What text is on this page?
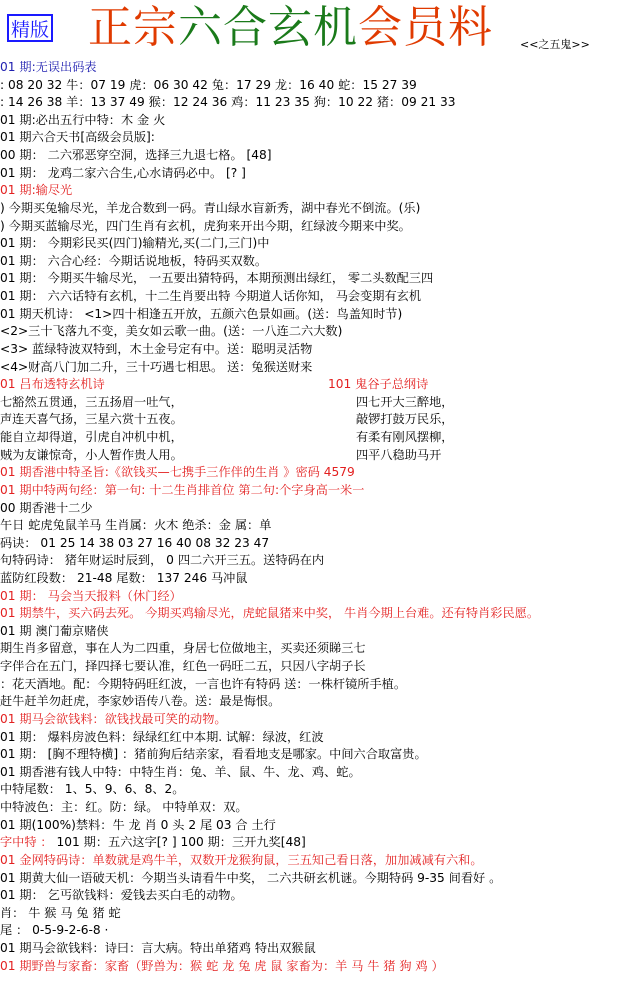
精版 正宗六合玄机会员料 <<之五鬼>>
01 期:无误出码表
: 08 20 32 牛：07 19 虎：06 30 42 兔：17 29 龙：16 40 蛇：15 27 39
: 14 26 38 羊：13 37 49 猴：12 24 36 鸡：11 23 35 狗：10 22 猪：09 21 33
01 期:必出五行中特：木 金 火
01 期六合天书[高级会员版]:
00 期： 二六邪恶穿空洞，选择三九退七格。 [48]
01 期： 龙鸡二家六合生,心水请码必中。 [? ]
01 期:输尽光
) 今期买兔输尽光，羊龙合数到一码。青山绿水盲新秀，湖中春光不倒流。(乐)
) 今期买蓝输尽光，四门生肖有玄机，虎狗来开出今期，红绿波今期来中奖。
01 期： 今期彩民买(四门)输精光,买(二门,三门)中
01 期： 六合心经：今期话说地板，特码买双数。
01 期： 今期买牛输尽光， 一五要出猜特码，本期预测出绿红， 零二头数配三四
01 期： 六六话特有玄机，十二生肖要出特 今期道人话你知， 马会变期有玄机
01 期天机诗： <1>四十相逢五开放，五颜六色景如画。(送：鸟盖知时节)
<2>三十飞落九不变，美女如云歌一曲。(送：一八连二六大数)
<3> 蓝绿特波双特到，木土金号定有中。送：聪明灵活物
<4>财高八门加二升，三十巧遇七相思。 送：兔猴送财来
01 吕布透特玄机诗	101 鬼谷子总纲诗
七豁然五贯通，三五扬眉一吐气，	四七开大三醉地，
声连天喜气扬，三星六赏十五夜。	敲锣打鼓万民乐，
能自立却得道，引虎自冲机中机，	有柔有刚风摆柳，
贼为友谦惊奇，小人暂作贵人用。	四平八稳助马开
01 期香港中特圣旨:《欲钱买—七携手三作伴的生肖 》密码 4579
01 期中特两句经：第一句: 十二生肖排首位 第二句:个字身高一米一
00 期香港十二少
午日 蛇虎兔鼠羊马 生肖属：火木 绝杀：金 属：单
码诀： 01 25 14 38 03 27 16 40 08 32 23 47
句特码诗： 猪年财运时辰到， 0 四二六开三五。送特码在内
蓝防红段数： 21-48 尾数： 137 246 马冲鼠
01 期： 马会当天报料（休门经）
01 期禁牛，买六码去死。 今期买鸡输尽光，虎蛇鼠猪来中奖， 牛肖今期上台难。还有特肖彩民愿。
01 期 澳门葡京赌侠
期生肖多留意，事在人为二四重，身居七位做地主，买卖还须睇三七
字伴合在五门，择四择七要认准，红色一码旺二五，只因八字胡子长
：花天酒地。配：今期特码旺红波，一言也许有特码 送：一株杆镜所手植。
赶牛赶羊勿赶虎，李家妙语传八卷。送：最是悔恨。
01 期马会欲钱料：欲钱找最可笑的动物。
01 期： 爆料房波色料：绿绿红红中本期. 试解：绿波，红波
01 期： [胸不理特横] ：猪前狗后结亲家，看看地支是哪家。中间六合取富贵。
01 期香港有钱人中特：中特生肖：兔、羊、鼠、牛、龙、鸡、蛇。
中特尾数： 1、5、9、6、8、2。
中特波色：主：红。防：绿。 中特单双：双。
01 期(100%)禁料：牛 龙 肖 0 头 2 尾 03 合 土行
字中特 ： 101 期：五六这字[? ] 100 期：三开九奖[48]
01 金网特码诗：单数就是鸡牛羊，双数开龙猴狗鼠，三五知己看日落，加加减减有六和。
01 期黄大仙一语破天机：今期当头请看牛中奖， 二六共研玄机谜。今期特码 9-35 间看好 。
01 期： 乞丐欲钱料：爱钱去买白毛的动物。
肖： 牛 猴 马 兔 猪 蛇
尾 ： 0-5-9-2-6-8 ·
01 期马会欲钱料：诗曰：言大病。特出单猪鸡 特出双猴鼠
01 期野兽与家畜：家畜（野兽为：猴 蛇 龙 兔 虎 鼠 家畜为：羊 马 牛 猪 狗 鸡 ）
